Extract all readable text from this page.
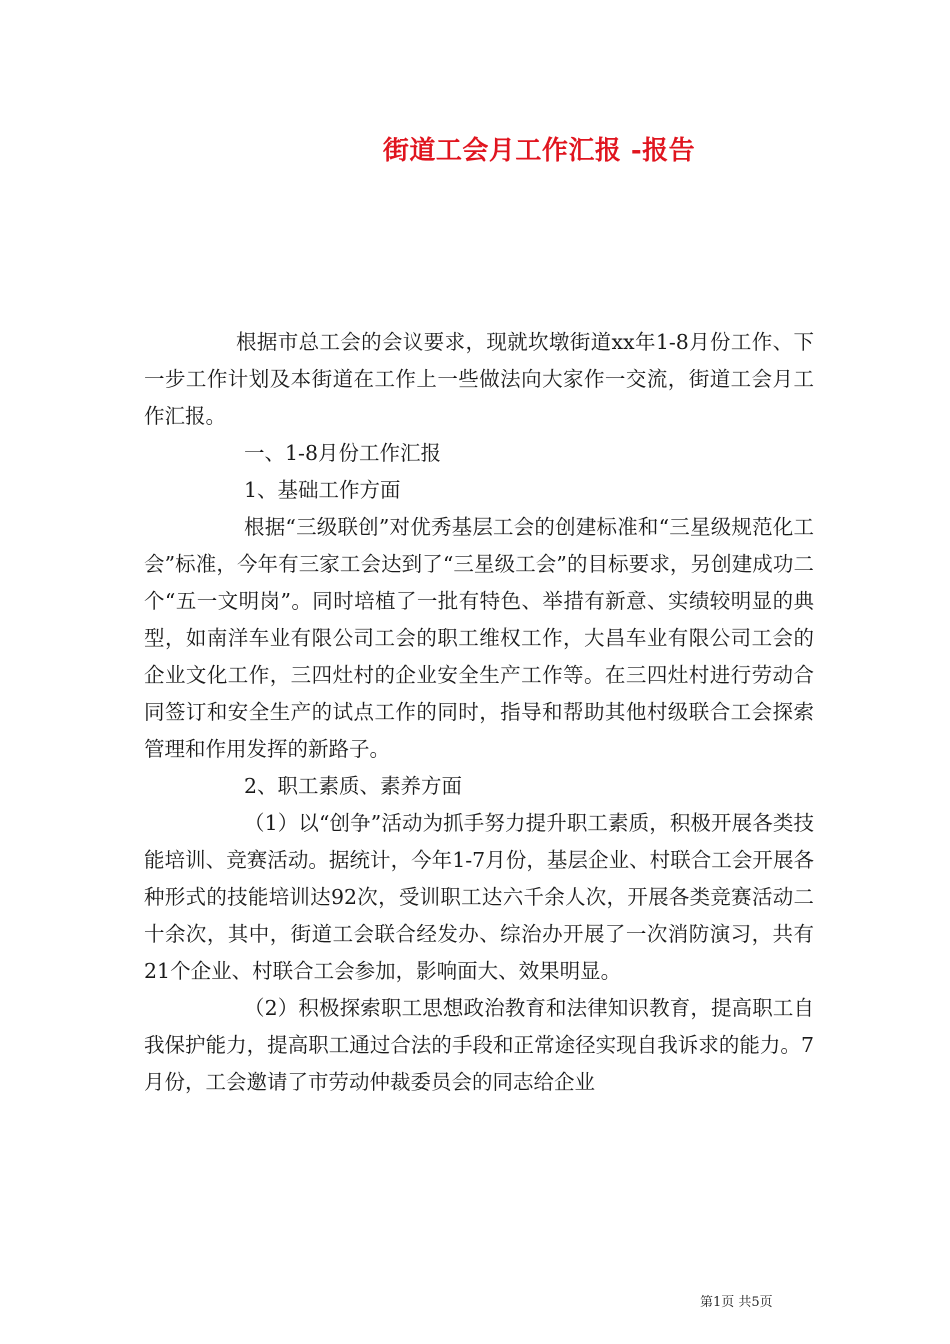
街道工会月工作汇报 -报告

根据市总工会的会议要求，现就坎墩街道xx年1-8月份工作、下一步工作计划及本街道在工作上一些做法向大家作一交流，街道工会月工作汇报。

一、1-8月份工作汇报

1、基础工作方面

根据“三级联创”对优秀基层工会的创建标准和“三星级规范化工会”标准，今年有三家工会达到了“三星级工会”的目标要求，另创建成功二个“五一文明岗”。同时培植了一批有特色、举措有新意、实绩较明显的典型，如南洋车业有限公司工会的职工维权工作，大昌车业有限公司工会的企业文化工作，三四灶村的企业安全生产工作等。在三四灶村进行劳动合同签订和安全生产的试点工作的同时，指导和帮助其他村级联合工会探索管理和作用发挥的新路子。

2、职工素质、素养方面

（1）以“创争”活动为抓手努力提升职工素质，积极开展各类技能培训、竞赛活动。据统计，今年1-7月份，基层企业、村联合工会开展各种形式的技能培训达92次，受训职工达六千余人次，开展各类竞赛活动二十余次，其中，街道工会联合经发办、综治办开展了一次消防演习，共有21个企业、村联合工会参加，影响面大、效果明显。

（2）积极探索职工思想政治教育和法律知识教育，提高职工自我保护能力，提高职工通过合法的手段和正常途径实现自我诉求的能力。7月份，工会邀请了市劳动仲裁委员会的同志给企业

第1页 共5页
